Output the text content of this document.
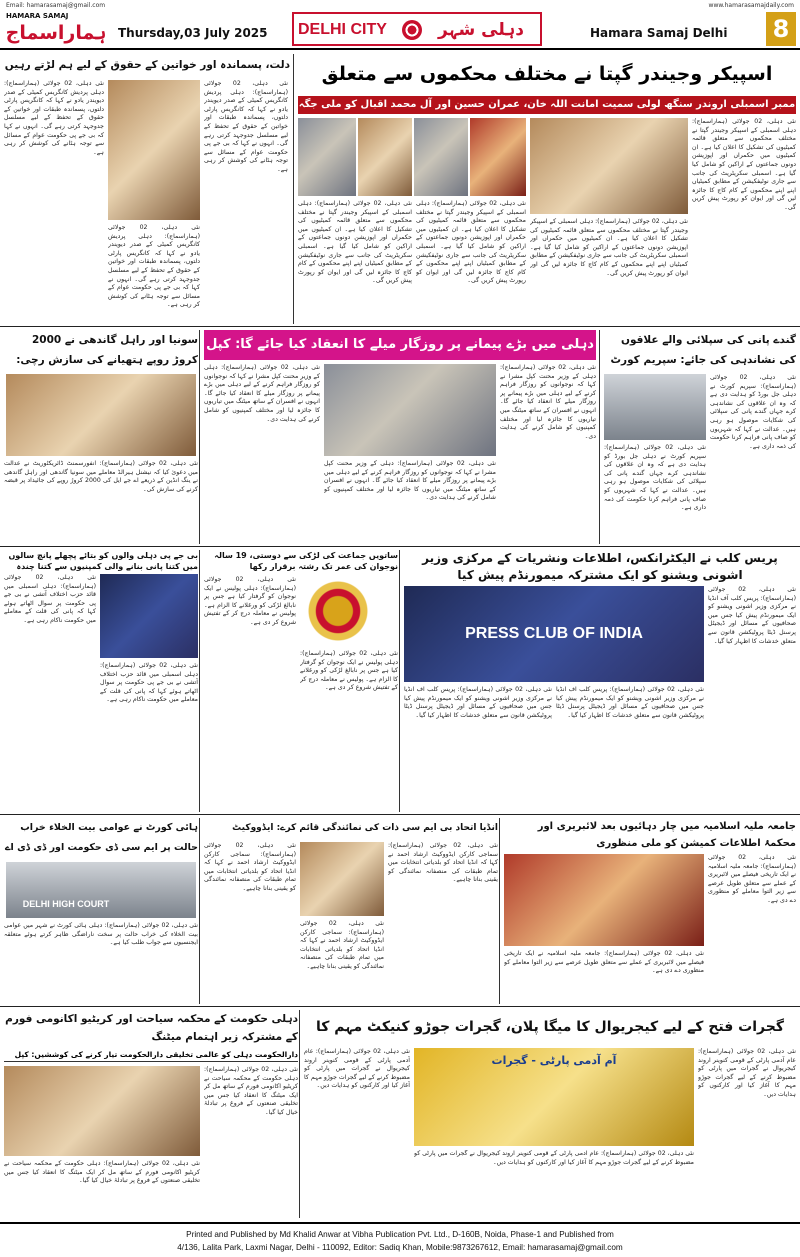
Email: hamarasamaj@gmail.com	www.hamarasamajdaily.com
HAMARA SAMAJ
ہماراسماج Thursday,03 July 2025	DELHI CITY	دہلی شہر	Hamara Samaj Delhi	8
دلت، پسماندہ اور خواتین کے حقوق کے لیے ہم لڑتے رہیں
نئی دہلی، 02 جولائی (ہماراسماج): دہلی پردیش کانگریس کمیٹی کے صدر دیویندر یادو نے کہا کہ کانگریس پارٹی دلتوں، پسماندہ طبقات اور خواتین کے حقوق کے تحفظ کے لیے مسلسل جدوجہد کرتی رہے گی۔ انہوں نے کہا کہ بی جے پی حکومت عوام کے مسائل سے توجہ ہٹانے کی کوشش کر رہی ہے۔
نئی دہلی، 02 جولائی (ہماراسماج): دہلی پردیش کانگریس کمیٹی کے صدر دیویندر یادو نے کہا کہ کانگریس پارٹی دلتوں، پسماندہ طبقات اور خواتین کے حقوق کے تحفظ کے لیے مسلسل جدوجہد کرتی رہے گی۔ انہوں نے کہا کہ بی جے پی حکومت عوام کے مسائل سے توجہ ہٹانے کی کوشش کر رہی ہے۔
نئی دہلی، 02 جولائی (ہماراسماج): دہلی پردیش کانگریس کمیٹی کے صدر دیویندر یادو نے کہا کہ کانگریس پارٹی دلتوں، پسماندہ طبقات اور خواتین کے حقوق کے تحفظ کے لیے مسلسل جدوجہد کرتی رہے گی۔ انہوں نے کہا کہ بی جے پی حکومت عوام کے مسائل سے توجہ ہٹانے کی کوشش کر رہی ہے۔
اسپیکر وجیندر گپتا نے مختلف محکموں سے متعلق
ممبر اسمبلی اروندر سنگھ لولی سمیت امانت اللہ خان، عمران حسین اور آل محمد اقبال کو ملی جگہ
نئی دہلی، 02 جولائی (ہماراسماج): دہلی اسمبلی کے اسپیکر وجیندر گپتا نے مختلف محکموں سے متعلق قائمہ کمیٹیوں کی تشکیل کا اعلان کیا ہے۔ ان کمیٹیوں میں حکمراں اور اپوزیشن دونوں جماعتوں کے اراکین کو شامل کیا گیا ہے۔ اسمبلی سکریٹریٹ کی جانب سے جاری نوٹیفکیشن کے مطابق کمیٹیاں اپنے اپنے محکموں کے کام کاج کا جائزہ لیں گی اور ایوان کو رپورٹ پیش کریں گی۔
نئی دہلی، 02 جولائی (ہماراسماج): دہلی اسمبلی کے اسپیکر وجیندر گپتا نے مختلف محکموں سے متعلق قائمہ کمیٹیوں کی تشکیل کا اعلان کیا ہے۔ ان کمیٹیوں میں حکمراں اور اپوزیشن دونوں جماعتوں کے اراکین کو شامل کیا گیا ہے۔ اسمبلی سکریٹریٹ کی جانب سے جاری نوٹیفکیشن کے مطابق کمیٹیاں اپنے اپنے محکموں کے کام کاج کا جائزہ لیں گی اور ایوان کو رپورٹ پیش کریں گی۔
نئی دہلی، 02 جولائی (ہماراسماج): دہلی اسمبلی کے اسپیکر وجیندر گپتا نے مختلف محکموں سے متعلق قائمہ کمیٹیوں کی تشکیل کا اعلان کیا ہے۔ ان کمیٹیوں میں حکمراں اور اپوزیشن دونوں جماعتوں کے اراکین کو شامل کیا گیا ہے۔ اسمبلی سکریٹریٹ کی جانب سے جاری نوٹیفکیشن کے مطابق کمیٹیاں اپنے اپنے محکموں کے کام کاج کا جائزہ لیں گی اور ایوان کو رپورٹ پیش کریں گی۔
نئی دہلی، 02 جولائی (ہماراسماج): دہلی اسمبلی کے اسپیکر وجیندر گپتا نے مختلف محکموں سے متعلق قائمہ کمیٹیوں کی تشکیل کا اعلان کیا ہے۔ ان کمیٹیوں میں حکمراں اور اپوزیشن دونوں جماعتوں کے اراکین کو شامل کیا گیا ہے۔ اسمبلی سکریٹریٹ کی جانب سے جاری نوٹیفکیشن کے مطابق کمیٹیاں اپنے اپنے محکموں کے کام کاج کا جائزہ لیں گی اور ایوان کو رپورٹ پیش کریں گی۔
سونیا اور راہل گاندھی نے 2000 کروڑ روپے ہتھیانے کی سازش رچی:
نئی دہلی، 02 جولائی (ہماراسماج): انفورسمنٹ ڈائریکٹوریٹ نے عدالت میں دعویٰ کیا کہ نیشنل ہیرالڈ معاملے میں سونیا گاندھی اور راہل گاندھی نے ینگ انڈین کے ذریعے اے جے ایل کی 2000 کروڑ روپے کی جائیداد پر قبضہ کرنے کی سازش کی۔
دہلی میں بڑے پیمانے پر روزگار میلے کا انعقاد کیا جائے گا: کپل
نئی دہلی، 02 جولائی (ہماراسماج): دہلی کے وزیر محنت کپل مشرا نے کہا کہ نوجوانوں کو روزگار فراہم کرنے کے لیے دہلی میں بڑے پیمانے پر روزگار میلے کا انعقاد کیا جائے گا۔ انہوں نے افسران کے ساتھ میٹنگ میں تیاریوں کا جائزہ لیا اور مختلف کمپنیوں کو شامل کرنے کی ہدایت دی۔
نئی دہلی، 02 جولائی (ہماراسماج): دہلی کے وزیر محنت کپل مشرا نے کہا کہ نوجوانوں کو روزگار فراہم کرنے کے لیے دہلی میں بڑے پیمانے پر روزگار میلے کا انعقاد کیا جائے گا۔ انہوں نے افسران کے ساتھ میٹنگ میں تیاریوں کا جائزہ لیا اور مختلف کمپنیوں کو شامل کرنے کی ہدایت دی۔
نئی دہلی، 02 جولائی (ہماراسماج): دہلی کے وزیر محنت کپل مشرا نے کہا کہ نوجوانوں کو روزگار فراہم کرنے کے لیے دہلی میں بڑے پیمانے پر روزگار میلے کا انعقاد کیا جائے گا۔ انہوں نے افسران کے ساتھ میٹنگ میں تیاریوں کا جائزہ لیا اور مختلف کمپنیوں کو شامل کرنے کی ہدایت دی۔
گندے پانی کی سپلائی والے علاقوں کی نشاندہی کی جائے: سپریم کورٹ
نئی دہلی، 02 جولائی (ہماراسماج): سپریم کورٹ نے دہلی جل بورڈ کو ہدایت دی ہے کہ وہ ان علاقوں کی نشاندہی کرے جہاں گندے پانی کی سپلائی کی شکایات موصول ہو رہی ہیں۔ عدالت نے کہا کہ شہریوں کو صاف پانی فراہم کرنا حکومت کی ذمہ داری ہے۔
نئی دہلی، 02 جولائی (ہماراسماج): سپریم کورٹ نے دہلی جل بورڈ کو ہدایت دی ہے کہ وہ ان علاقوں کی نشاندہی کرے جہاں گندے پانی کی سپلائی کی شکایات موصول ہو رہی ہیں۔ عدالت نے کہا کہ شہریوں کو صاف پانی فراہم کرنا حکومت کی ذمہ داری ہے۔
بی جے پی دہلی والوں کو بتائے پچھلے پانچ سالوں میں کتنا پانی بنانے والی کمپنیوں سے کتنا چندہ
نئی دہلی، 02 جولائی (ہماراسماج): دہلی اسمبلی میں قائد حزب اختلاف آتشی نے بی جے پی حکومت پر سوال اٹھاتے ہوئے کہا کہ پانی کی قلت کے معاملے میں حکومت ناکام رہی ہے۔
نئی دہلی، 02 جولائی (ہماراسماج): دہلی اسمبلی میں قائد حزب اختلاف آتشی نے بی جے پی حکومت پر سوال اٹھاتے ہوئے کہا کہ پانی کی قلت کے معاملے میں حکومت ناکام رہی ہے۔
ساتویں جماعت کی لڑکی سے دوستی، 19 سالہ نوجوان کی عمر تک رشتہ برقرار رکھا
نئی دہلی، 02 جولائی (ہماراسماج): دہلی پولیس نے ایک نوجوان کو گرفتار کیا ہے جس پر نابالغ لڑکی کو ورغلانے کا الزام ہے۔ پولیس نے معاملہ درج کر کے تفتیش شروع کر دی ہے۔
نئی دہلی، 02 جولائی (ہماراسماج): دہلی پولیس نے ایک نوجوان کو گرفتار کیا ہے جس پر نابالغ لڑکی کو ورغلانے کا الزام ہے۔ پولیس نے معاملہ درج کر کے تفتیش شروع کر دی ہے۔
پریس کلب نے الیکٹرانکس، اطلاعات ونشریات کے مرکزی وزیر اشونی ویشنو کو ایک مشترکہ میمورنڈم پیش کیا
PRESS CLUB OF INDIA
نئی دہلی، 02 جولائی (ہماراسماج): پریس کلب آف انڈیا نے مرکزی وزیر اشونی ویشنو کو ایک میمورنڈم پیش کیا جس میں صحافیوں کے مسائل اور ڈیجیٹل پرسنل ڈیٹا پروٹیکشن قانون سے متعلق خدشات کا اظہار کیا گیا۔
نئی دہلی، 02 جولائی (ہماراسماج): پریس کلب آف انڈیا نے مرکزی وزیر اشونی ویشنو کو ایک میمورنڈم پیش کیا جس میں صحافیوں کے مسائل اور ڈیجیٹل پرسنل ڈیٹا پروٹیکشن قانون سے متعلق خدشات کا اظہار کیا گیا۔
نئی دہلی، 02 جولائی (ہماراسماج): پریس کلب آف انڈیا نے مرکزی وزیر اشونی ویشنو کو ایک میمورنڈم پیش کیا جس میں صحافیوں کے مسائل اور ڈیجیٹل پرسنل ڈیٹا پروٹیکشن قانون سے متعلق خدشات کا اظہار کیا گیا۔
ہائی کورٹ نے عوامی بیت الخلاء خراب حالت پر ایم سی ڈی حکومت اور ڈی ڈی اے
DELHI HIGH COURT
نئی دہلی، 02 جولائی (ہماراسماج): دہلی ہائی کورٹ نے شہر میں عوامی بیت الخلاء کی خراب حالت پر سخت ناراضگی ظاہر کرتے ہوئے متعلقہ ایجنسیوں سے جواب طلب کیا ہے۔
انڈیا اتحاد بی ایم سی ذات کی نمائندگی قائم کرے: ایڈووکیٹ
نئی دہلی، 02 جولائی (ہماراسماج): سماجی کارکن ایڈووکیٹ ارشاد احمد نے کہا کہ انڈیا اتحاد کو بلدیاتی انتخابات میں تمام طبقات کی منصفانہ نمائندگی کو یقینی بنانا چاہیے۔
نئی دہلی، 02 جولائی (ہماراسماج): سماجی کارکن ایڈووکیٹ ارشاد احمد نے کہا کہ انڈیا اتحاد کو بلدیاتی انتخابات میں تمام طبقات کی منصفانہ نمائندگی کو یقینی بنانا چاہیے۔
نئی دہلی، 02 جولائی (ہماراسماج): سماجی کارکن ایڈووکیٹ ارشاد احمد نے کہا کہ انڈیا اتحاد کو بلدیاتی انتخابات میں تمام طبقات کی منصفانہ نمائندگی کو یقینی بنانا چاہیے۔
جامعہ ملیہ اسلامیہ میں چار دہائیوں بعد لائبریری اور محکمۂ اطلاعات کمیشن کو ملی منظوری
نئی دہلی، 02 جولائی (ہماراسماج): جامعہ ملیہ اسلامیہ نے ایک تاریخی فیصلے میں لائبریری کے عملے سے متعلق طویل عرصے سے زیر التوا معاملے کو منظوری دے دی ہے۔
نئی دہلی، 02 جولائی (ہماراسماج): جامعہ ملیہ اسلامیہ نے ایک تاریخی فیصلے میں لائبریری کے عملے سے متعلق طویل عرصے سے زیر التوا معاملے کو منظوری دے دی ہے۔
دہلی حکومت کے محکمہ سیاحت اور کریٹیو اکانومی فورم کے مشترکہ زیر اہتمام میٹنگ
دارالحکومت دہلی کو عالمی تخلیقی دارالحکومت تیار کرنے کی کوششیں: کپل
نئی دہلی، 02 جولائی (ہماراسماج): دہلی حکومت کے محکمہ سیاحت نے کریٹیو اکانومی فورم کے ساتھ مل کر ایک میٹنگ کا انعقاد کیا جس میں تخلیقی صنعتوں کے فروغ پر تبادلۂ خیال کیا گیا۔
نئی دہلی، 02 جولائی (ہماراسماج): دہلی حکومت کے محکمہ سیاحت نے کریٹیو اکانومی فورم کے ساتھ مل کر ایک میٹنگ کا انعقاد کیا جس میں تخلیقی صنعتوں کے فروغ پر تبادلۂ خیال کیا گیا۔
گجرات فتح کے لیے کیجریوال کا میگا پلان، گجرات جوڑو کنیکٹ مہم کا
آم آدمی پارٹی - گجرات
نئی دہلی، 02 جولائی (ہماراسماج): عام آدمی پارٹی کے قومی کنوینر اروند کیجریوال نے گجرات میں پارٹی کو مضبوط کرنے کے لیے گجرات جوڑو مہم کا آغاز کیا اور کارکنوں کو ہدایات دیں۔
نئی دہلی، 02 جولائی (ہماراسماج): عام آدمی پارٹی کے قومی کنوینر اروند کیجریوال نے گجرات میں پارٹی کو مضبوط کرنے کے لیے گجرات جوڑو مہم کا آغاز کیا اور کارکنوں کو ہدایات دیں۔
نئی دہلی، 02 جولائی (ہماراسماج): عام آدمی پارٹی کے قومی کنوینر اروند کیجریوال نے گجرات میں پارٹی کو مضبوط کرنے کے لیے گجرات جوڑو مہم کا آغاز کیا اور کارکنوں کو ہدایات دیں۔
Printed and Published by Md Khalid Anwar at Vibha Publication Pvt. Ltd., D-160B, Noida, Phase-1 and Published from
4/136, Lalita Park, Laxmi Nagar, Delhi - 110092, Editor: Sadiq Khan, Mobile:9873267612, Email: hamarasamaj@gmail.com
